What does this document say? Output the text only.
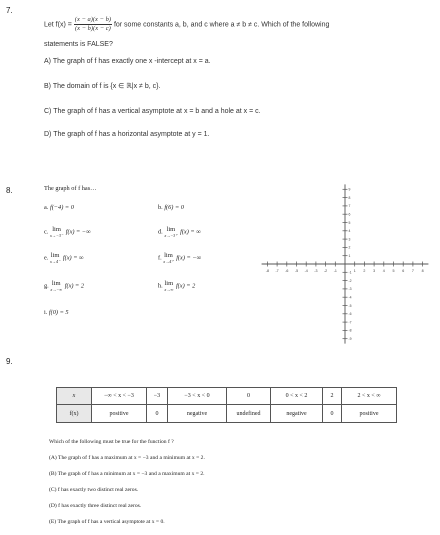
7.
Let $f(x) = \frac{(x - a)(x - b)}{(x - b)(x - c)}$ for some constants a, b, and c where a ≠ b ≠ c. Which of the following
statements is FALSE?
A) The graph of f has exactly one x -intercept at x = a.
B) The domain of f is {x ∈ ℝ|x ≠ b, c}.
C) The graph of f has a vertical asymptote at x = b and a hole at x = c.
D) The graph of f has a horizontal asymptote at y = 1.
8.	The graph of f has…
a. f(−4) = 0	b. f(6) = 0
c. lim
x→−3⁻
f(x) = −∞	d. lim
x→−3⁺
f(x) = ∞
e. lim
x→4⁻
f(x) = ∞	f. lim
x→4⁺
f(x) = −∞
g. lim
x→−∞
f(x) = 2	h. lim
x→∞
f(x) = 2
i. f(0) = 5
-8 -7 -6 -5 -4 -3 -2 -1	1 2 3 4 5 6 7 8
9
8
7
6
5
4
3
2
1
-1
-2
-3
-4
-5
-6
-7
-8
-9
9.
x	−∞ < x < −3	−3	−3 < x < 0	0	0 < x < 2	2	2 < x < ∞
f(x)	positive	0	negative	undefined	negative	0	positive
Which of the following must be true for the function f ?
(A) The graph of f has a maximum at x = −3 and a minimum at x = 2.
(B) The graph of f has a minimum at x = −3 and a maximum at x = 2.
(C) f has exactly two distinct real zeros.
(D) f has exactly three distinct real zeros.
(E) The graph of f has a vertical asymptote at x = 0.
